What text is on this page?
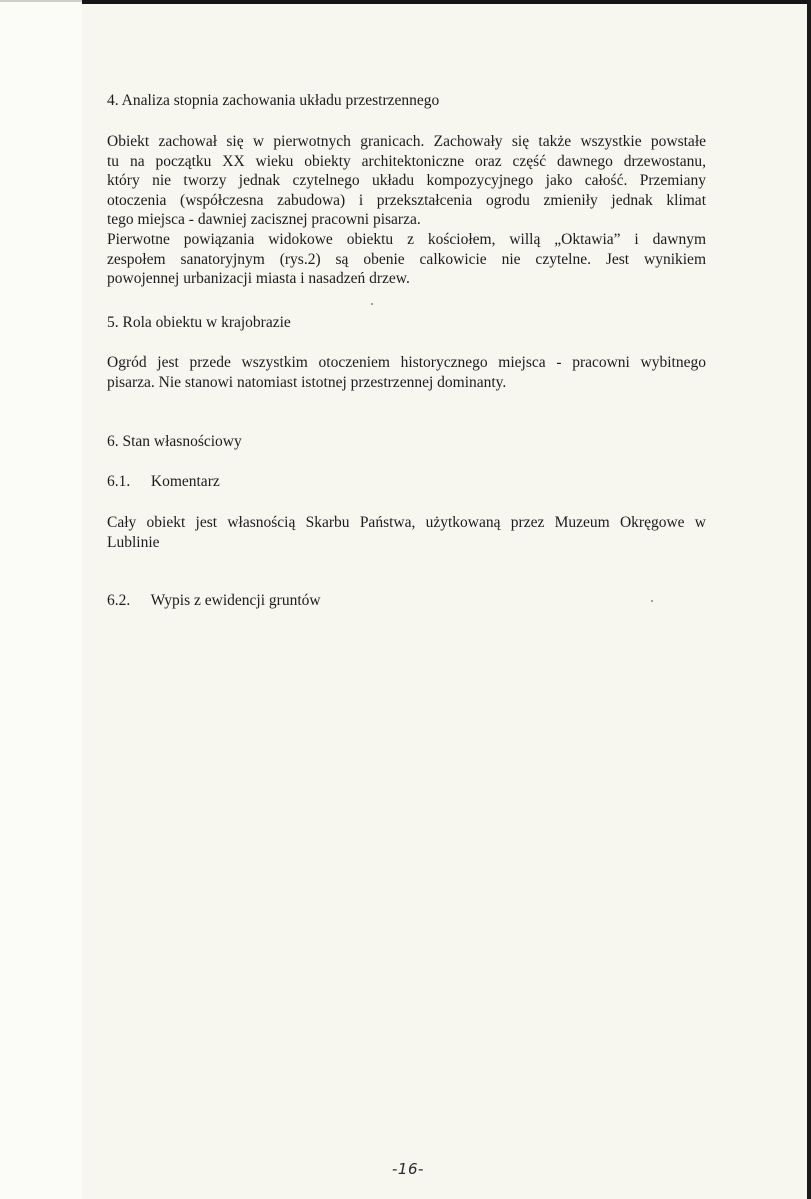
4. Analiza stopnia zachowania układu przestrzennego
Obiekt zachował się w pierwotnych granicach. Zachowały się także wszystkie powstałe
tu na początku XX wieku obiekty architektoniczne oraz część dawnego drzewostanu,
który nie tworzy jednak czytelnego układu kompozycyjnego jako całość. Przemiany
otoczenia (współczesna zabudowa) i przekształcenia ogrodu zmieniły jednak klimat
tego miejsca - dawniej zacisznej pracowni pisarza.
Pierwotne powiązania widokowe obiektu z kościołem, willą „Oktawia” i dawnym
zespołem sanatoryjnym (rys.2) są obenie calkowicie nie czytelne. Jest wynikiem
powojennej urbanizacji miasta i nasadzeń drzew.
5. Rola obiektu w krajobrazie
Ogród jest przede wszystkim otoczeniem historycznego miejsca - pracowni wybitnego
pisarza. Nie stanowi natomiast istotnej przestrzennej dominanty.
6. Stan własnościowy
6.1. Komentarz
Cały obiekt jest własnością Skarbu Państwa, użytkowaną przez Muzeum Okręgowe w
Lublinie
6.2. Wypis z ewidencji gruntów
-16-
